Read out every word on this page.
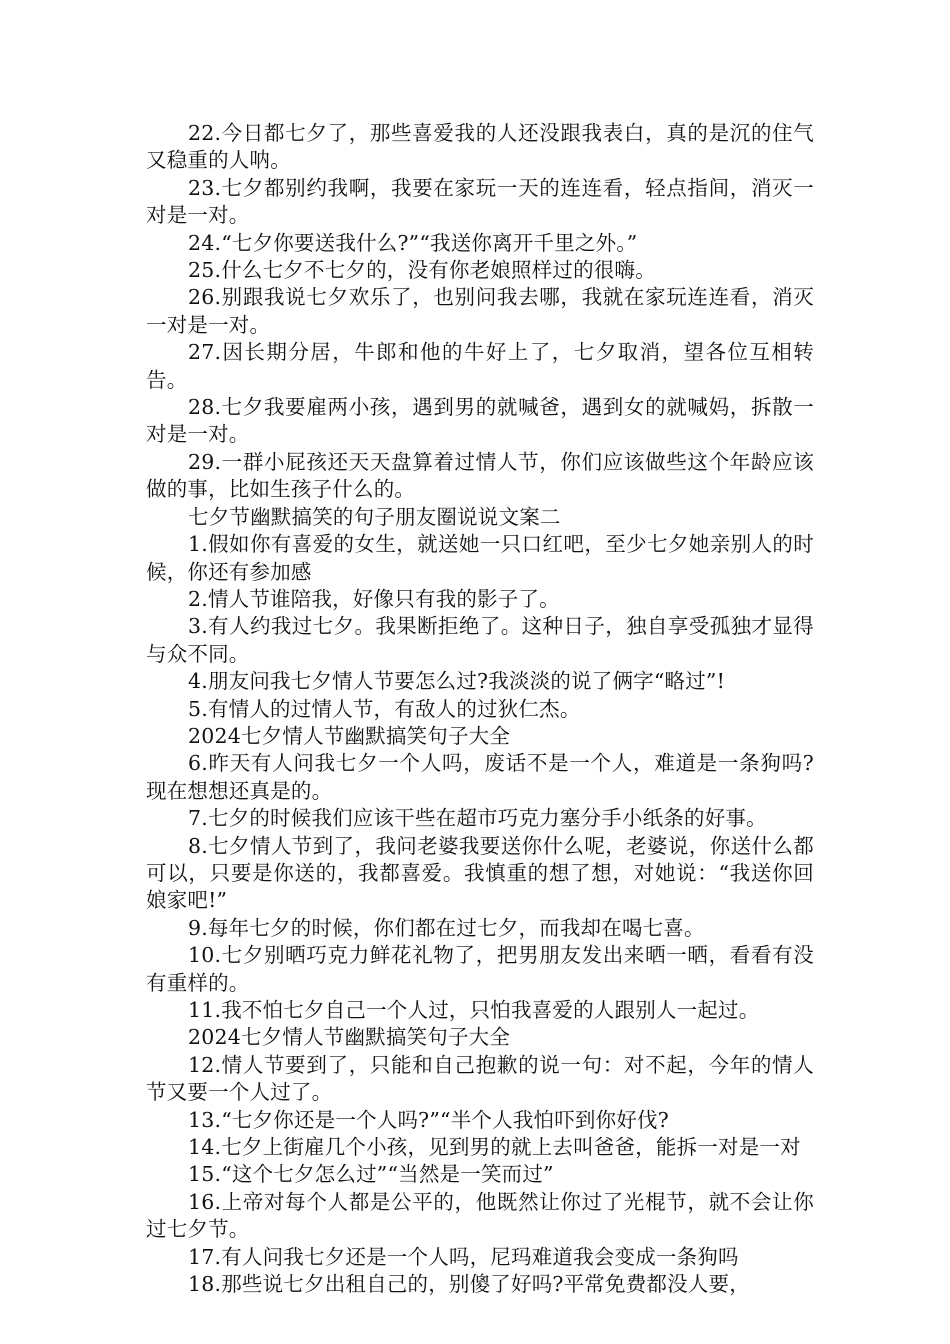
22.今日都七夕了，那些喜爱我的人还没跟我表白，真的是沉的住气又稳重的人呐。

23.七夕都别约我啊，我要在家玩一天的连连看，轻点指间，消灭一对是一对。

24.“七夕你要送我什么?”“我送你离开千里之外。”

25.什么七夕不七夕的，没有你老娘照样过的很嗨。

26.别跟我说七夕欢乐了，也别问我去哪，我就在家玩连连看，消灭一对是一对。

27.因长期分居，牛郎和他的牛好上了，七夕取消，望各位互相转告。

28.七夕我要雇两小孩，遇到男的就喊爸，遇到女的就喊妈，拆散一对是一对。

29.一群小屁孩还天天盘算着过情人节，你们应该做些这个年龄应该做的事，比如生孩子什么的。

七夕节幽默搞笑的句子朋友圈说说文案二

1.假如你有喜爱的女生，就送她一只口红吧，至少七夕她亲别人的时候，你还有参加感

2.情人节谁陪我，好像只有我的影子了。

3.有人约我过七夕。我果断拒绝了。这种日子，独自享受孤独才显得与众不同。

4.朋友问我七夕情人节要怎么过?我淡淡的说了俩字“略过”!

5.有情人的过情人节，有敌人的过狄仁杰。

2024七夕情人节幽默搞笑句子大全

6.昨天有人问我七夕一个人吗，废话不是一个人，难道是一条狗吗?现在想想还真是的。

7.七夕的时候我们应该干些在超市巧克力塞分手小纸条的好事。

8.七夕情人节到了，我问老婆我要送你什么呢，老婆说，你送什么都可以，只要是你送的，我都喜爱。我慎重的想了想，对她说：“我送你回娘家吧!”

9.每年七夕的时候，你们都在过七夕，而我却在喝七喜。

10.七夕别晒巧克力鲜花礼物了，把男朋友发出来晒一晒，看看有没有重样的。

11.我不怕七夕自己一个人过，只怕我喜爱的人跟别人一起过。

2024七夕情人节幽默搞笑句子大全

12.情人节要到了，只能和自己抱歉的说一句：对不起，今年的情人节又要一个人过了。

13.“七夕你还是一个人吗?”“半个人我怕吓到你好伐?

14.七夕上街雇几个小孩，见到男的就上去叫爸爸，能拆一对是一对

15.“这个七夕怎么过”“当然是一笑而过”

16.上帝对每个人都是公平的，他既然让你过了光棍节，就不会让你过七夕节。

17.有人问我七夕还是一个人吗，尼玛难道我会变成一条狗吗

18.那些说七夕出租自己的，别傻了好吗?平常免费都没人要，
